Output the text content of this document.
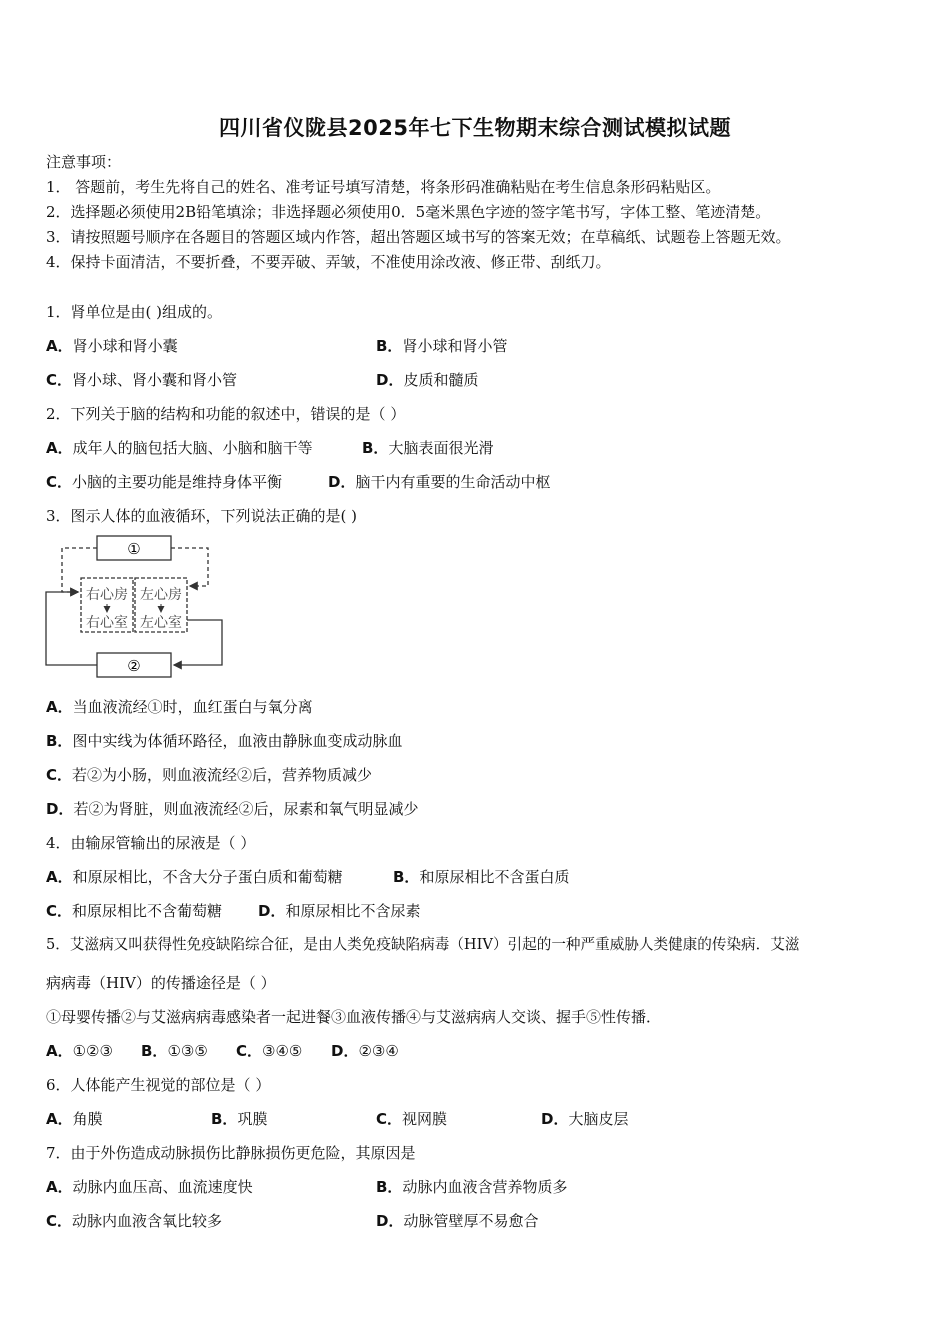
四川省仪陇县2025年七下生物期末综合测试模拟试题
注意事项：
1． 答题前，考生先将自己的姓名、准考证号填写清楚，将条形码准确粘贴在考生信息条形码粘贴区。
2．选择题必须使用2B铅笔填涂；非选择题必须使用0．5毫米黑色字迹的签字笔书写，字体工整、笔迹清楚。
3．请按照题号顺序在各题目的答题区域内作答，超出答题区域书写的答案无效；在草稿纸、试题卷上答题无效。
4．保持卡面清洁，不要折叠，不要弄破、弄皱，不准使用涂改液、修正带、刮纸刀。
1．肾单位是由( )组成的。
A．肾小球和肾小囊	B．肾小球和肾小管
C．肾小球、肾小囊和肾小管	D．皮质和髓质
2．下列关于脑的结构和功能的叙述中，错误的是（ ）
A．成年人的脑包括大脑、小脑和脑干等	B．大脑表面很光滑
C．小脑的主要功能是维持身体平衡	D．脑干内有重要的生命活动中枢
3．图示人体的血液循环，下列说法正确的是( )
①
②
右心房
右心室
左心房
左心室
A．当血液流经①时，血红蛋白与氧分离
B．图中实线为体循环路径，血液由静脉血变成动脉血
C．若②为小肠，则血液流经②后，营养物质减少
D．若②为肾脏，则血液流经②后，尿素和氧气明显减少
4．由输尿管输出的尿液是（ ）
A．和原尿相比，不含大分子蛋白质和葡萄糖	B．和原尿相比不含蛋白质
C．和原尿相比不含葡萄糖 D．和原尿相比不含尿素
5．艾滋病又叫获得性免疫缺陷综合征，是由人类免疫缺陷病毒（HIV）引起的一种严重威胁人类健康的传染病．艾滋
病病毒（HIV）的传播途径是（ ）
①母婴传播②与艾滋病病毒感染者一起进餐③血液传播④与艾滋病病人交谈、握手⑤性传播．
A．①②③ B．①③⑤ C．③④⑤ D．②③④
6．人体能产生视觉的部位是（ ）
A．角膜	B．巩膜	C．视网膜	D．大脑皮层
7．由于外伤造成动脉损伤比静脉损伤更危险，其原因是
A．动脉内血压高、血流速度快	B．动脉内血液含营养物质多
C．动脉内血液含氧比较多	D．动脉管壁厚不易愈合
